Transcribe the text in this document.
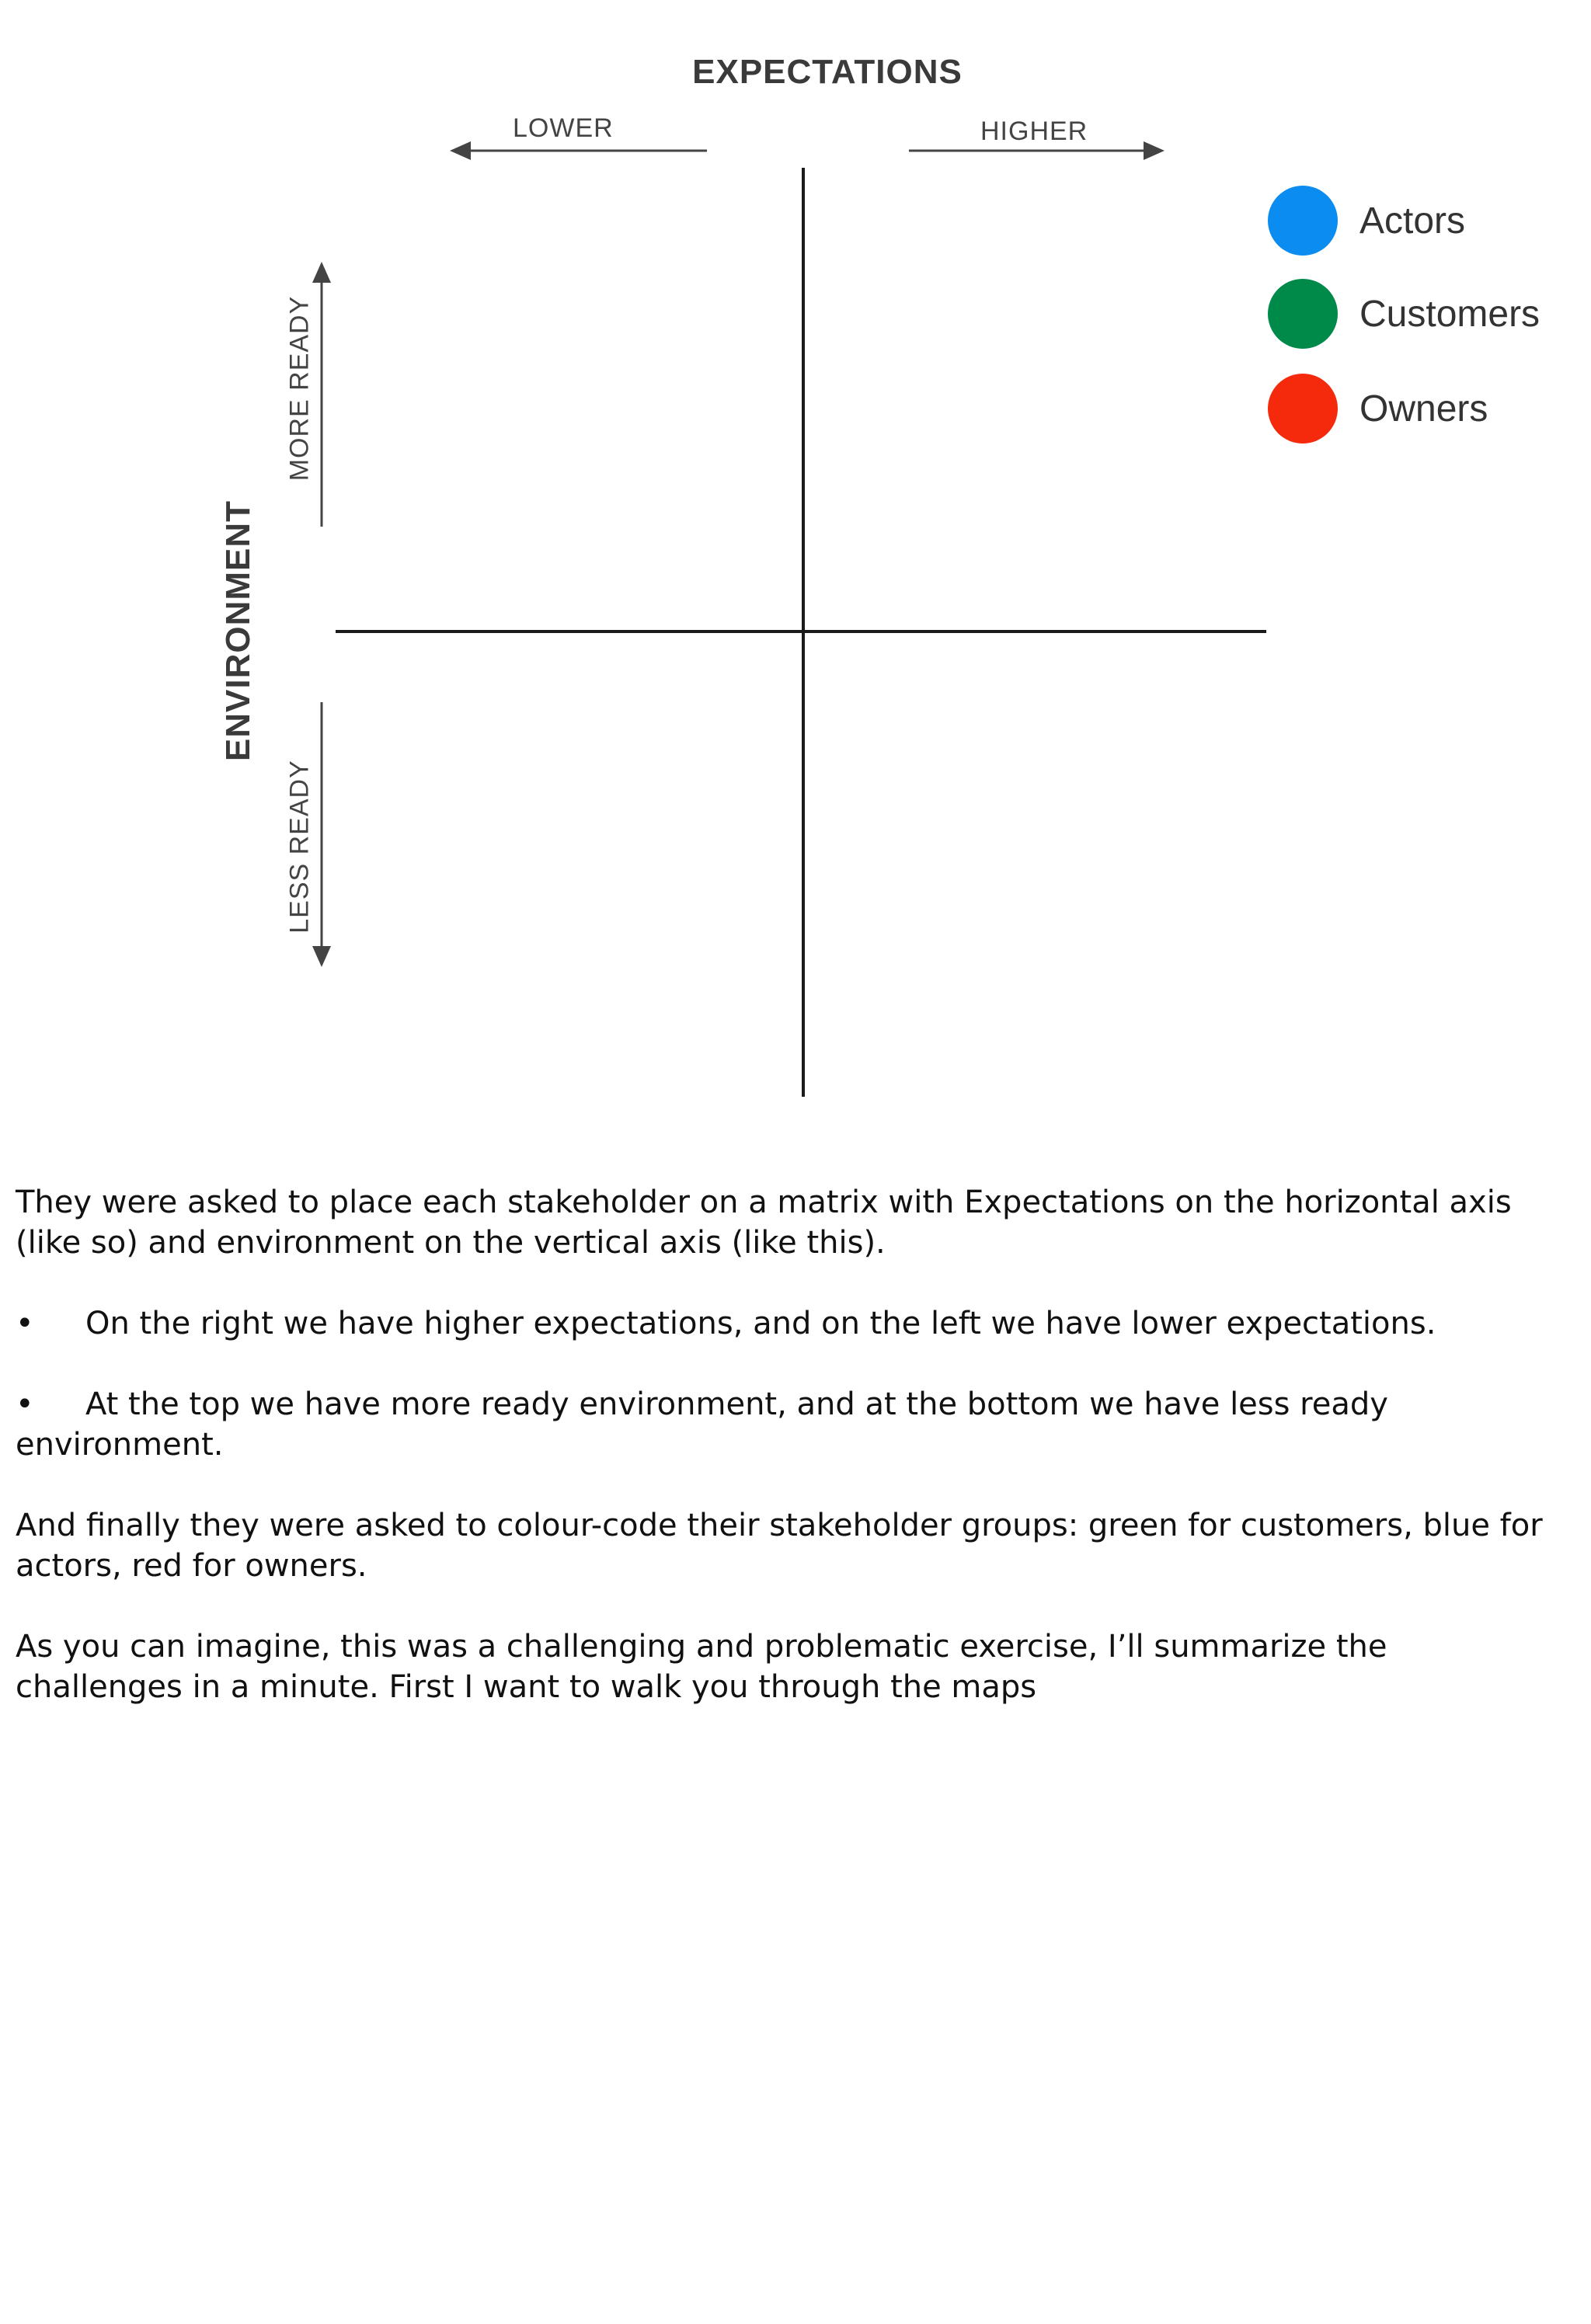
EXPECTATIONS
LOWER	HIGHER
ENVIRONMENT
MORE READY
LESS READY
Actors
Customers
Owners

They were asked to place each stakeholder on a matrix with Expectations on the horizontal axis (like so) and environment on the vertical axis (like this).

• On the right we have higher expectations, and on the left we have lower expectations.

• At the top we have more ready environment, and at the bottom we have less ready environment.

And finally they were asked to colour-code their stakeholder groups: green for customers, blue for actors, red for owners.

As you can imagine, this was a challenging and problematic exercise, I’ll summarize the challenges in a minute. First I want to walk you through the maps
